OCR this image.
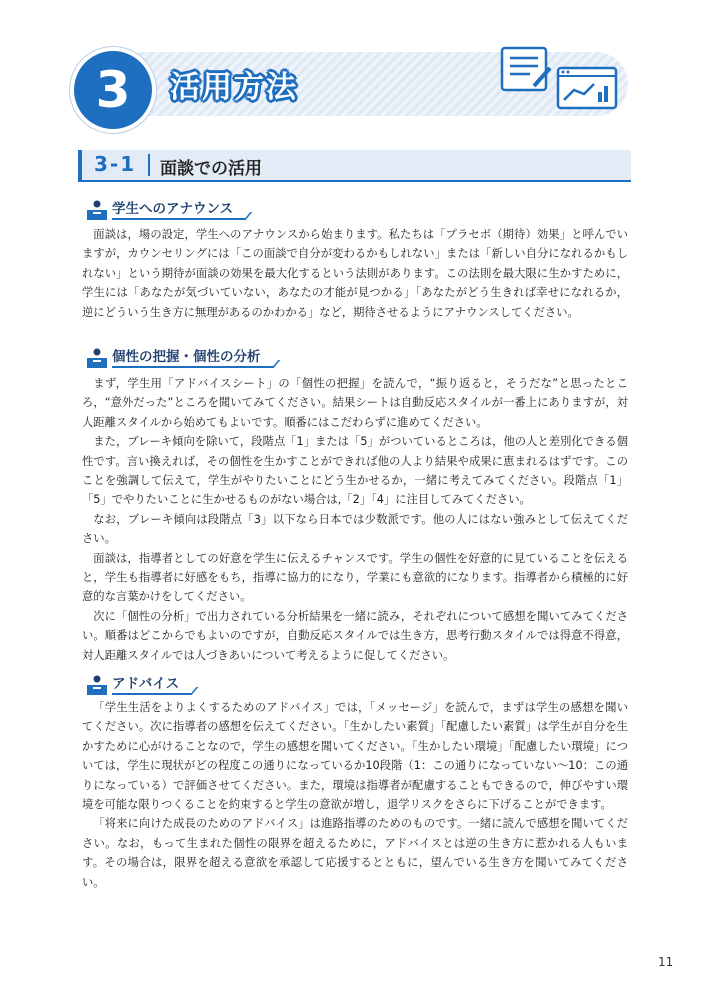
3	活用方法
3-1 面談での活用
学生へのアナウンス

面談は，場の設定，学生へのアナウンスから始まります。私たちは「プラセボ（期待）効果」と呼んでいますが，カウンセリングには「この面談で自分が変わるかもしれない」または「新しい自分になれるかもしれない」という期待が面談の効果を最大化するという法則があります。この法則を最大限に生かすために，学生には「あなたが気づいていない，あなたの才能が見つかる」「あなたがどう生きれば幸せになれるか，逆にどういう生き方に無理があるのかわかる」など，期待させるようにアナウンスしてください。

個性の把握・個性の分析

まず，学生用「アドバイスシート」の「個性の把握」を読んで，“振り返ると，そうだな”と思ったところ，“意外だった”ところを聞いてみてください。結果シートは自動反応スタイルが一番上にありますが，対人距離スタイルから始めてもよいです。順番にはこだわらずに進めてください。

また，ブレーキ傾向を除いて，段階点「1」または「5」がついているところは，他の人と差別化できる個性です。言い換えれば，その個性を生かすことができれば他の人より結果や成果に恵まれるはずです。このことを強調して伝えて，学生がやりたいことにどう生かせるか，一緒に考えてみてください。段階点「1」「5」でやりたいことに生かせるものがない場合は,「2」「4」に注目してみてください。

なお，ブレーキ傾向は段階点「3」以下なら日本では少数派です。他の人にはない強みとして伝えてください。

面談は，指導者としての好意を学生に伝えるチャンスです。学生の個性を好意的に見ていることを伝えると，学生も指導者に好感をもち，指導に協力的になり，学業にも意欲的になります。指導者から積極的に好意的な言葉かけをしてください。

次に「個性の分析」で出力されている分析結果を一緒に読み，それぞれについて感想を聞いてみてください。順番はどこからでもよいのですが，自動反応スタイルでは生き方，思考行動スタイルでは得意不得意，対人距離スタイルでは人づきあいについて考えるように促してください。

アドバイス

「学生生活をよりよくするためのアドバイス」では，「メッセージ」を読んで，まずは学生の感想を聞いてください。次に指導者の感想を伝えてください。「生かしたい素質」「配慮したい素質」は学生が自分を生かすために心がけることなので，学生の感想を聞いてください。「生かしたい環境」「配慮したい環境」については，学生に現状がどの程度この通りになっているか10段階（1：この通りになっていない～10：この通りになっている）で評価させてください。また，環境は指導者が配慮することもできるので，伸びやすい環境を可能な限りつくることを約束すると学生の意欲が増し，退学リスクをさらに下げることができます。

「将来に向けた成長のためのアドバイス」は進路指導のためのものです。一緒に読んで感想を聞いてください。なお，もって生まれた個性の限界を超えるために，アドバイスとは逆の生き方に惹かれる人もいます。その場合は，限界を超える意欲を承認して応援するとともに，望んでいる生き方を聞いてみてください。

11
